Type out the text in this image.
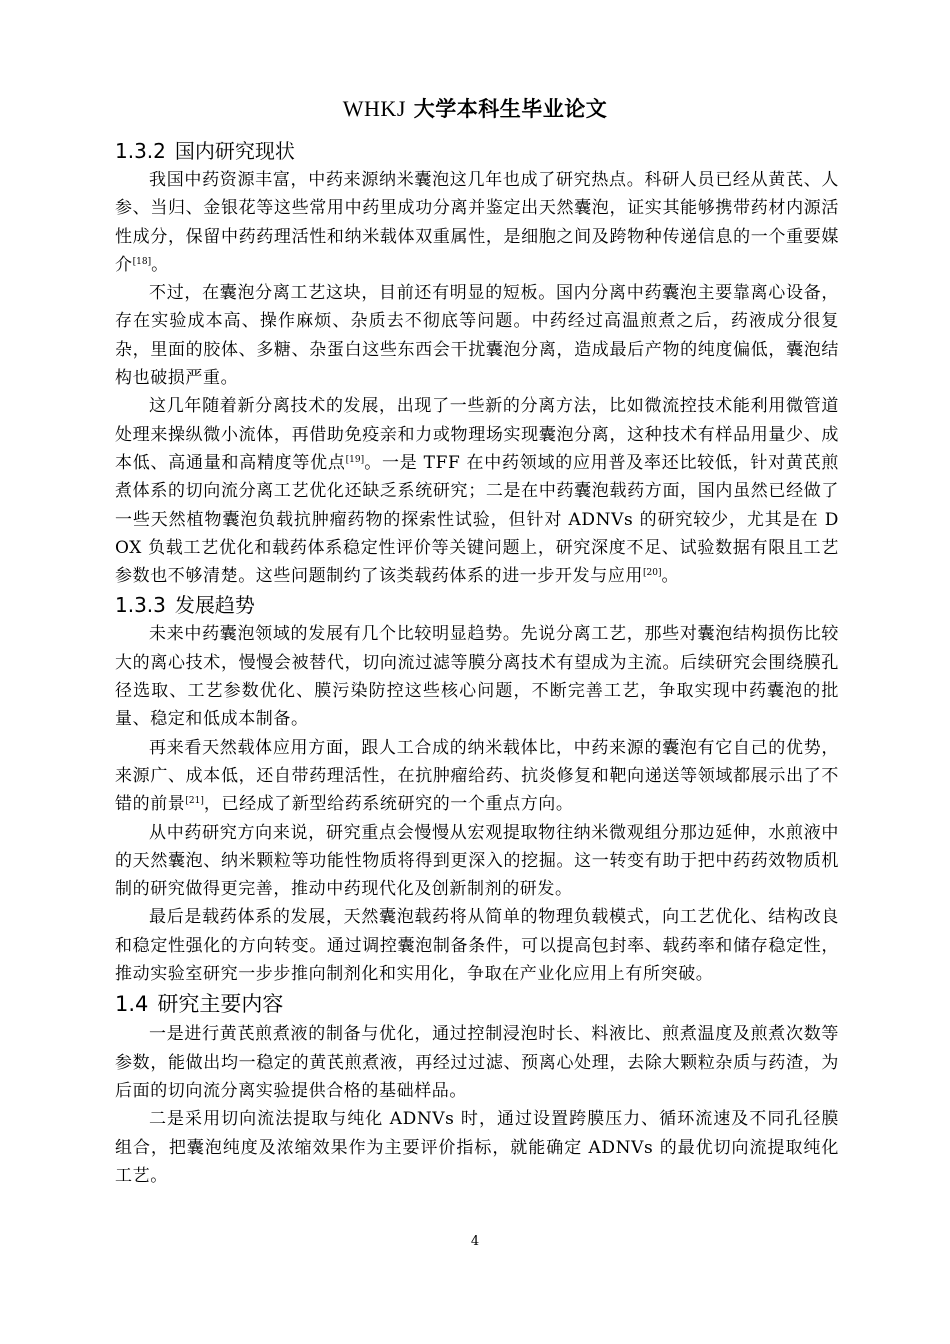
WHKJ 大学本科生毕业论文
1.3.2 国内研究现状

我国中药资源丰富，中药来源纳米囊泡这几年也成了研究热点。科研人员已经从黄芪、人参、当归、金银花等这些常用中药里成功分离并鉴定出天然囊泡，证实其能够携带药材内源活性成分，保留中药药理活性和纳米载体双重属性，是细胞之间及跨物种传递信息的一个重要媒介[18]。

不过，在囊泡分离工艺这块，目前还有明显的短板。国内分离中药囊泡主要靠离心设备，存在实验成本高、操作麻烦、杂质去不彻底等问题。中药经过高温煎煮之后，药液成分很复杂，里面的胶体、多糖、杂蛋白这些东西会干扰囊泡分离，造成最后产物的纯度偏低，囊泡结构也破损严重。

这几年随着新分离技术的发展，出现了一些新的分离方法，比如微流控技术能利用微管道处理来操纵微小流体，再借助免疫亲和力或物理场实现囊泡分离，这种技术有样品用量少、成本低、高通量和高精度等优点[19]。一是 TFF 在中药领域的应用普及率还比较低，针对黄芪煎煮体系的切向流分离工艺优化还缺乏系统研究；二是在中药囊泡载药方面，国内虽然已经做了一些天然植物囊泡负载抗肿瘤药物的探索性试验，但针对 ADNVs 的研究较少，尤其是在 DOX 负载工艺优化和载药体系稳定性评价等关键问题上，研究深度不足、试验数据有限且工艺参数也不够清楚。这些问题制约了该类载药体系的进一步开发与应用[20]。

1.3.3 发展趋势

未来中药囊泡领域的发展有几个比较明显趋势。先说分离工艺，那些对囊泡结构损伤比较大的离心技术，慢慢会被替代，切向流过滤等膜分离技术有望成为主流。后续研究会围绕膜孔径选取、工艺参数优化、膜污染防控这些核心问题，不断完善工艺，争取实现中药囊泡的批量、稳定和低成本制备。

再来看天然载体应用方面，跟人工合成的纳米载体比，中药来源的囊泡有它自己的优势，来源广、成本低，还自带药理活性，在抗肿瘤给药、抗炎修复和靶向递送等领域都展示出了不错的前景[21]，已经成了新型给药系统研究的一个重点方向。

从中药研究方向来说，研究重点会慢慢从宏观提取物往纳米微观组分那边延伸，水煎液中的天然囊泡、纳米颗粒等功能性物质将得到更深入的挖掘。这一转变有助于把中药药效物质机制的研究做得更完善，推动中药现代化及创新制剂的研发。

最后是载药体系的发展，天然囊泡载药将从简单的物理负载模式，向工艺优化、结构改良和稳定性强化的方向转变。通过调控囊泡制备条件，可以提高包封率、载药率和储存稳定性，推动实验室研究一步步推向制剂化和实用化，争取在产业化应用上有所突破。

1.4 研究主要内容

一是进行黄芪煎煮液的制备与优化，通过控制浸泡时长、料液比、煎煮温度及煎煮次数等参数，能做出均一稳定的黄芪煎煮液，再经过过滤、预离心处理，去除大颗粒杂质与药渣，为后面的切向流分离实验提供合格的基础样品。

二是采用切向流法提取与纯化 ADNVs 时，通过设置跨膜压力、循环流速及不同孔径膜组合，把囊泡纯度及浓缩效果作为主要评价指标，就能确定 ADNVs 的最优切向流提取纯化工艺。

4
